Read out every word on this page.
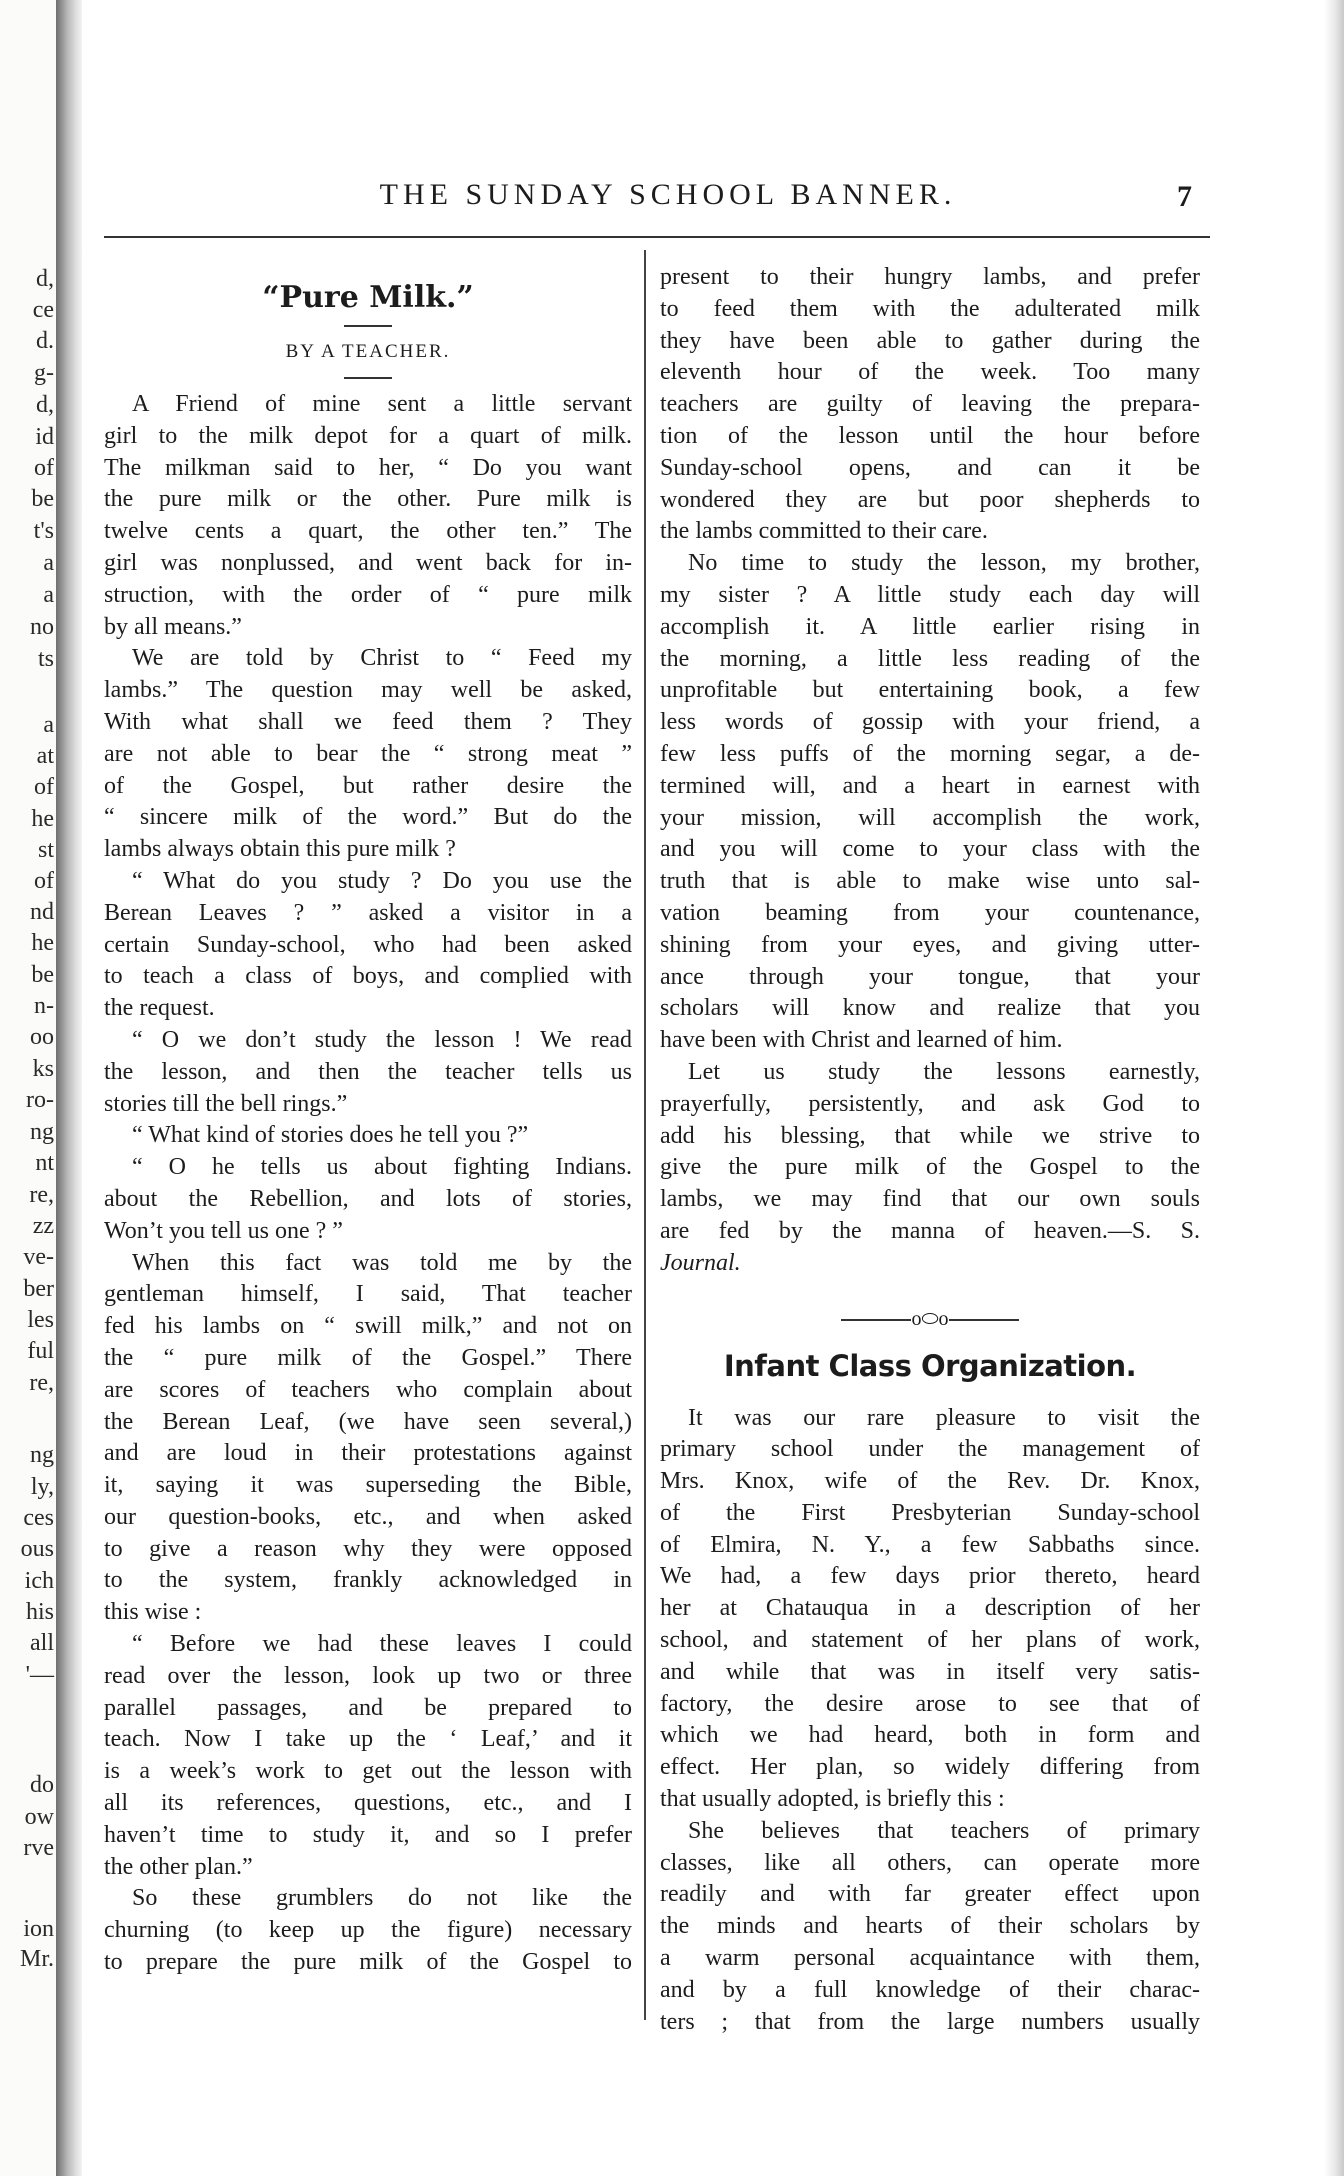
d,
ce
d.
g-
d,
id
of
be
t's
a
a
no
ts
a
at
of
he
st
of
nd
he
be
n-
oo
ks
ro-
ng
nt
re,
zz
ve-
ber
les
ful
re,
ng
ly,
ces
ous
ich
his
all
'—
do
ow
rve
ion
Mr.
THE SUNDAY SCHOOL BANNER.	7
“Pure Milk.”
BY A TEACHER.
A Friend of mine sent a little servant
girl to the milk depot for a quart of milk.
The milkman said to her, “ Do you want
the pure milk or the other. Pure milk is
twelve cents a quart, the other ten.” The
girl was nonplussed, and went back for in-
struction, with the order of “ pure milk
by all means.”
We are told by Christ to “ Feed my
lambs.” The question may well be asked,
With what shall we feed them ? They
are not able to bear the “ strong meat ”
of the Gospel, but rather desire the
“ sincere milk of the word.” But do the
lambs always obtain this pure milk ?
“ What do you study ? Do you use the
Berean Leaves ? ” asked a visitor in a
certain Sunday-school, who had been asked
to teach a class of boys, and complied with
the request.
“ O we don’t study the lesson ! We read
the lesson, and then the teacher tells us
stories till the bell rings.”
“ What kind of stories does he tell you ?”
“ O he tells us about fighting Indians.
about the Rebellion, and lots of stories,
Won’t you tell us one ? ”
When this fact was told me by the
gentleman himself, I said, That teacher
fed his lambs on “ swill milk,” and not on
the “ pure milk of the Gospel.” There
are scores of teachers who complain about
the Berean Leaf, (we have seen several,)
and are loud in their protestations against
it, saying it was superseding the Bible,
our question-books, etc., and when asked
to give a reason why they were opposed
to the system, frankly acknowledged in
this wise :
“ Before we had these leaves I could
read over the lesson, look up two or three
parallel passages, and be prepared to
teach. Now I take up the ‘ Leaf,’ and it
is a week’s work to get out the lesson with
all its references, questions, etc., and I
haven’t time to study it, and so I prefer
the other plan.”
So these grumblers do not like the
churning (to keep up the figure) necessary
to prepare the pure milk of the Gospel to
present to their hungry lambs, and prefer
to feed them with the adulterated milk
they have been able to gather during the
eleventh hour of the week. Too many
teachers are guilty of leaving the prepara-
tion of the lesson until the hour before
Sunday-school opens, and can it be
wondered they are but poor shepherds to
the lambs committed to their care.
No time to study the lesson, my brother,
my sister ? A little study each day will
accomplish it. A little earlier rising in
the morning, a little less reading of the
unprofitable but entertaining book, a few
less words of gossip with your friend, a
few less puffs of the morning segar, a de-
termined will, and a heart in earnest with
your mission, will accomplish the work,
and you will come to your class with the
truth that is able to make wise unto sal-
vation beaming from your countenance,
shining from your eyes, and giving utter-
ance through your tongue, that your
scholars will know and realize that you
have been with Christ and learned of him.
Let us study the lessons earnestly,
prayerfully, persistently, and ask God to
add his blessing, that while we strive to
give the pure milk of the Gospel to the
lambs, we may find that our own souls
are fed by the manna of heaven.—S. S.
Journal.
o⬭o
Infant Class Organization.
It was our rare pleasure to visit the
primary school under the management of
Mrs. Knox, wife of the Rev. Dr. Knox,
of the First Presbyterian Sunday-school
of Elmira, N. Y., a few Sabbaths since.
We had, a few days prior thereto, heard
her at Chatauqua in a description of her
school, and statement of her plans of work,
and while that was in itself very satis-
factory, the desire arose to see that of
which we had heard, both in form and
effect. Her plan, so widely differing from
that usually adopted, is briefly this :
She believes that teachers of primary
classes, like all others, can operate more
readily and with far greater effect upon
the minds and hearts of their scholars by
a warm personal acquaintance with them,
and by a full knowledge of their charac-
ters ; that from the large numbers usually
